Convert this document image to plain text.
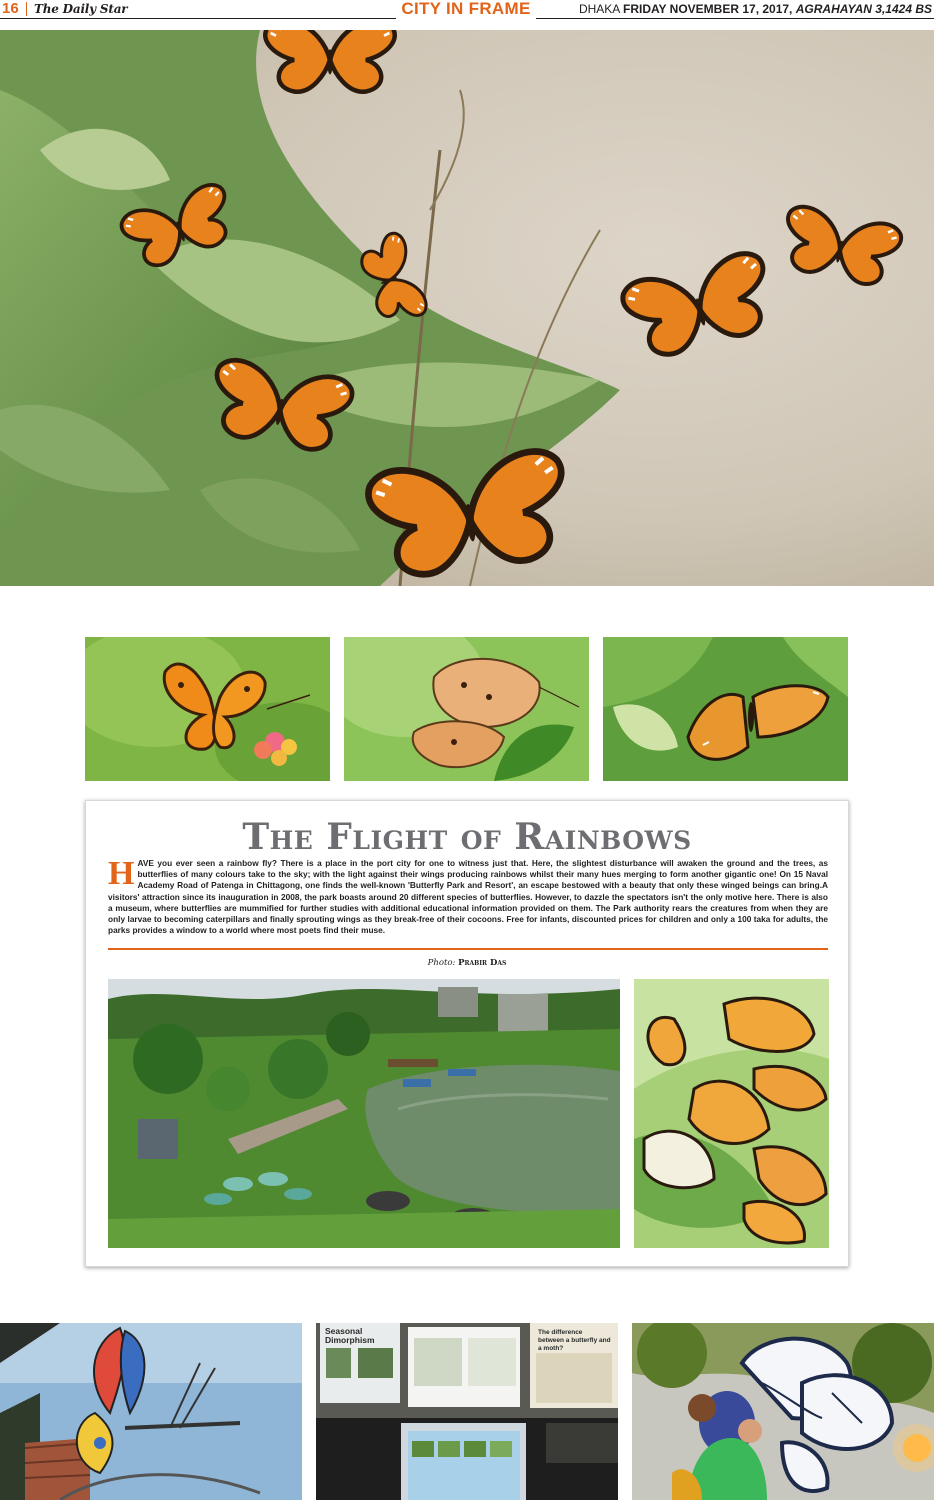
16 The Daily Star	CITY IN FRAME	DHAKA FRIDAY NOVEMBER 17, 2017, AGRAHAYAN 3,1424 BS
The Flight of Rainbows

HAVE you ever seen a rainbow fly? There is a place in the port city for one to witness just that. Here, the slightest disturbance will awaken the ground and the trees, as butterflies of many colours take to the sky; with the light against their wings producing rainbows whilst their many hues merging to form another gigantic one! On 15 Naval Academy Road of Patenga in Chittagong, one finds the well-known 'Butterfly Park and Resort', an escape bestowed with a beauty that only these winged beings can bring.A visitors' attraction since its inauguration in 2008, the park boasts around 20 different species of butterflies. However, to dazzle the spectators isn't the only motive here. There is also a museum, where butterflies are mummified for further studies with additional educational information provided on them. The Park authority rears the creatures from when they are only larvae to becoming caterpillars and finally sprouting wings as they break-free of their cocoons. Free for infants, discounted prices for children and only a 100 taka for adults, the parks provides a window to a world where most poets find their muse.

Photo: Prabir Das

Seasonal
Dimorphism
The difference
between a butterfly and a moth?
